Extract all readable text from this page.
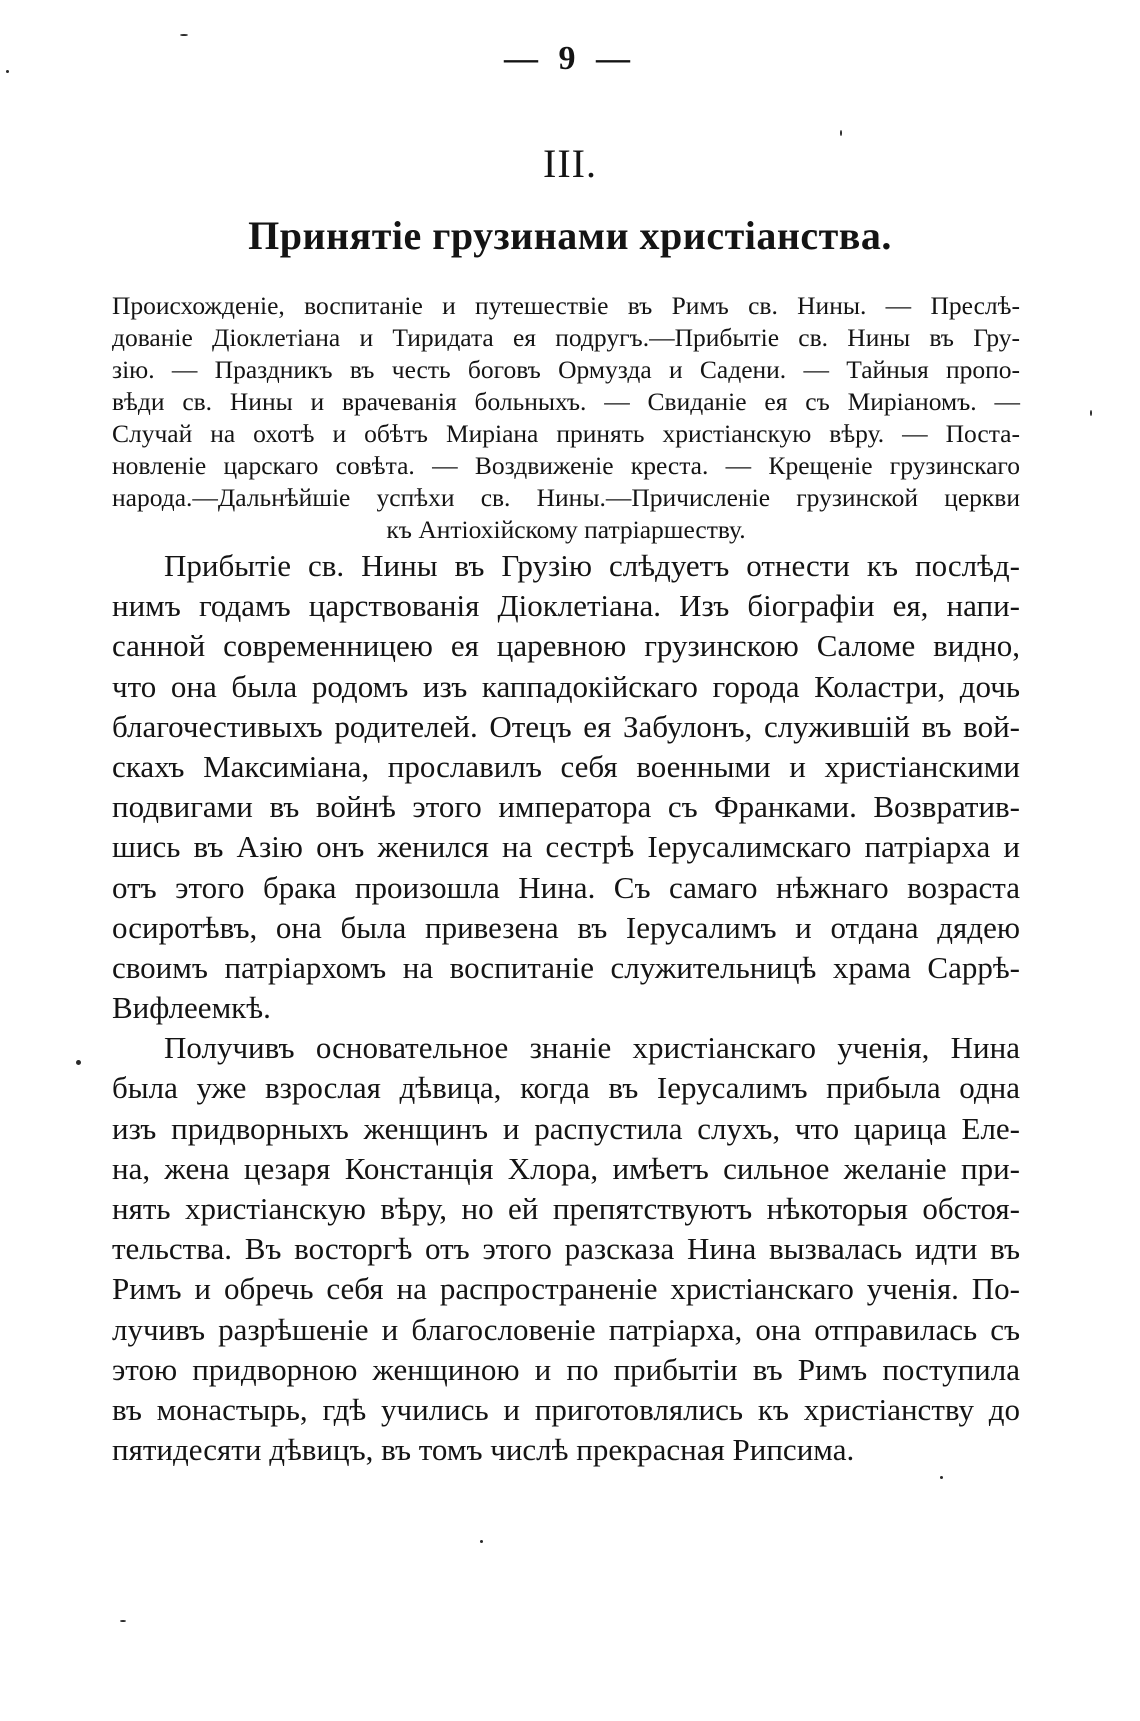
— 9 —
III.
Принятіе грузинами христіанства.
Происхожденіе, воспитаніе и путешествіе въ Римъ св. Нины. — Преслѣ-
дованіе Діоклетіана и Тиридата ея подругъ.—Прибытіе св. Нины въ Гру-
зію. — Праздникъ въ честь боговъ Ормузда и Садени. — Тайныя пропо-
вѣди св. Нины и врачеванія больныхъ. — Свиданіе ея съ Миріаномъ. —
Случай на охотѣ и обѣтъ Миріана принять христіанскую вѣру. — Поста-
новленіе царскаго совѣта. — Воздвиженіе креста. — Крещеніе грузинскаго
народа.—Дальнѣйшіе успѣхи св. Нины.—Причисленіе грузинской церкви
къ Антіохійскому патріаршеству.
Прибытіе св. Нины въ Грузію слѣдуетъ отнести къ послѣд-
нимъ годамъ царствованія Діоклетіана. Изъ біографіи ея, напи-
санной современницею ея царевною грузинскою Саломе видно,
что она была родомъ изъ каппадокійскаго города Колaстри, дочь
благочестивыхъ родителей. Отецъ ея Забулонъ, служившій въ вой-
скахъ Максиміана, прославилъ себя военными и христіанскими
подвигами въ войнѣ этого императора съ Франками. Возвратив-
шись въ Азію онъ женился на сестрѣ Іерусалимскаго патріарха и
отъ этого брака произошла Нина. Съ самаго нѣжнаго возраста
осиротѣвъ, она была привезена въ Іерусалимъ и отдана дядею
своимъ патріархомъ на воспитаніе служительницѣ храма Саррѣ-
Вифлеемкѣ.
Получивъ основательное знаніе христіанскаго ученія, Нина
была уже взрослая дѣвица, когда въ Іерусалимъ прибыла одна
изъ придворныхъ женщинъ и распустила слухъ, что царица Еле-
на, жена цезаря Констанція Хлора, имѣетъ сильное желаніе при-
нять христіанскую вѣру, но ей препятствуютъ нѣкоторыя обстоя-
тельства. Въ восторгѣ отъ этого разсказа Нина вызвалась идти въ
Римъ и обречь себя на распространеніе христіанскаго ученія. По-
лучивъ разрѣшеніе и благословеніе патріарха, она отправилась съ
этою придворною женщиною и по прибытіи въ Римъ поступила
въ монастырь, гдѣ учились и приготовлялись къ христіанству до
пятидесяти дѣвицъ, въ томъ числѣ прекрасная Рипсима.
